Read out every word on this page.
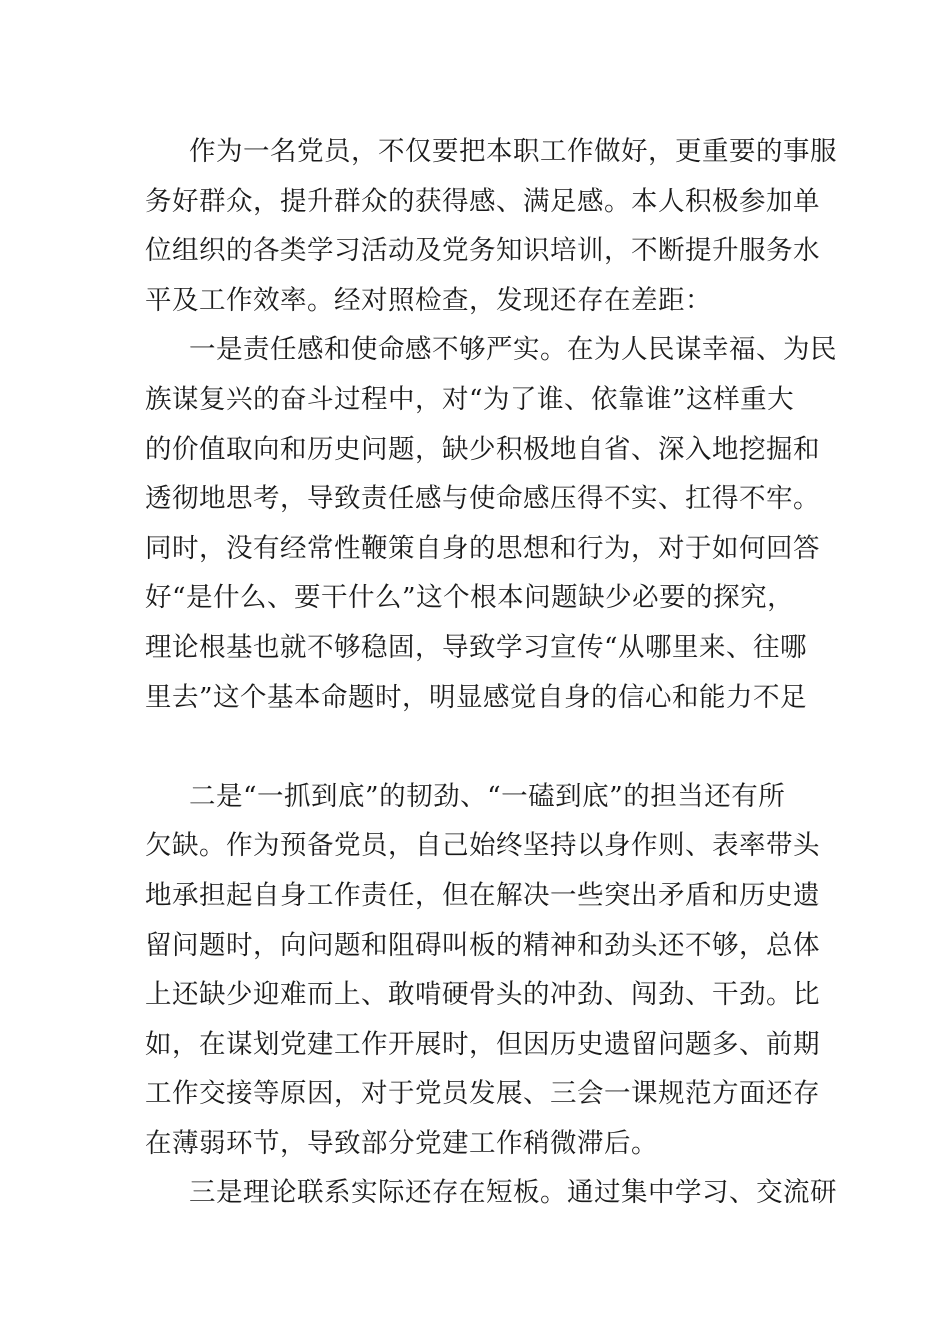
作为一名党员，不仅要把本职工作做好，更重要的事服
务好群众，提升群众的获得感、满足感。本人积极参加单
位组织的各类学习活动及党务知识培训，不断提升服务水
平及工作效率。经对照检查，发现还存在差距：
一是责任感和使命感不够严实。在为人民谋幸福、为民
族谋复兴的奋斗过程中，对“为了谁、依靠谁”这样重大
的价值取向和历史问题，缺少积极地自省、深入地挖掘和
透彻地思考，导致责任感与使命感压得不实、扛得不牢。
同时，没有经常性鞭策自身的思想和行为，对于如何回答
好“是什么、要干什么”这个根本问题缺少必要的探究，
理论根基也就不够稳固，导致学习宣传“从哪里来、往哪
里去”这个基本命题时，明显感觉自身的信心和能力不足
二是“一抓到底”的韧劲、“一磕到底”的担当还有所
欠缺。作为预备党员，自己始终坚持以身作则、表率带头
地承担起自身工作责任，但在解决一些突出矛盾和历史遗
留问题时，向问题和阻碍叫板的精神和劲头还不够，总体
上还缺少迎难而上、敢啃硬骨头的冲劲、闯劲、干劲。比
如，在谋划党建工作开展时，但因历史遗留问题多、前期
工作交接等原因，对于党员发展、三会一课规范方面还存
在薄弱环节，导致部分党建工作稍微滞后。
三是理论联系实际还存在短板。通过集中学习、交流研
